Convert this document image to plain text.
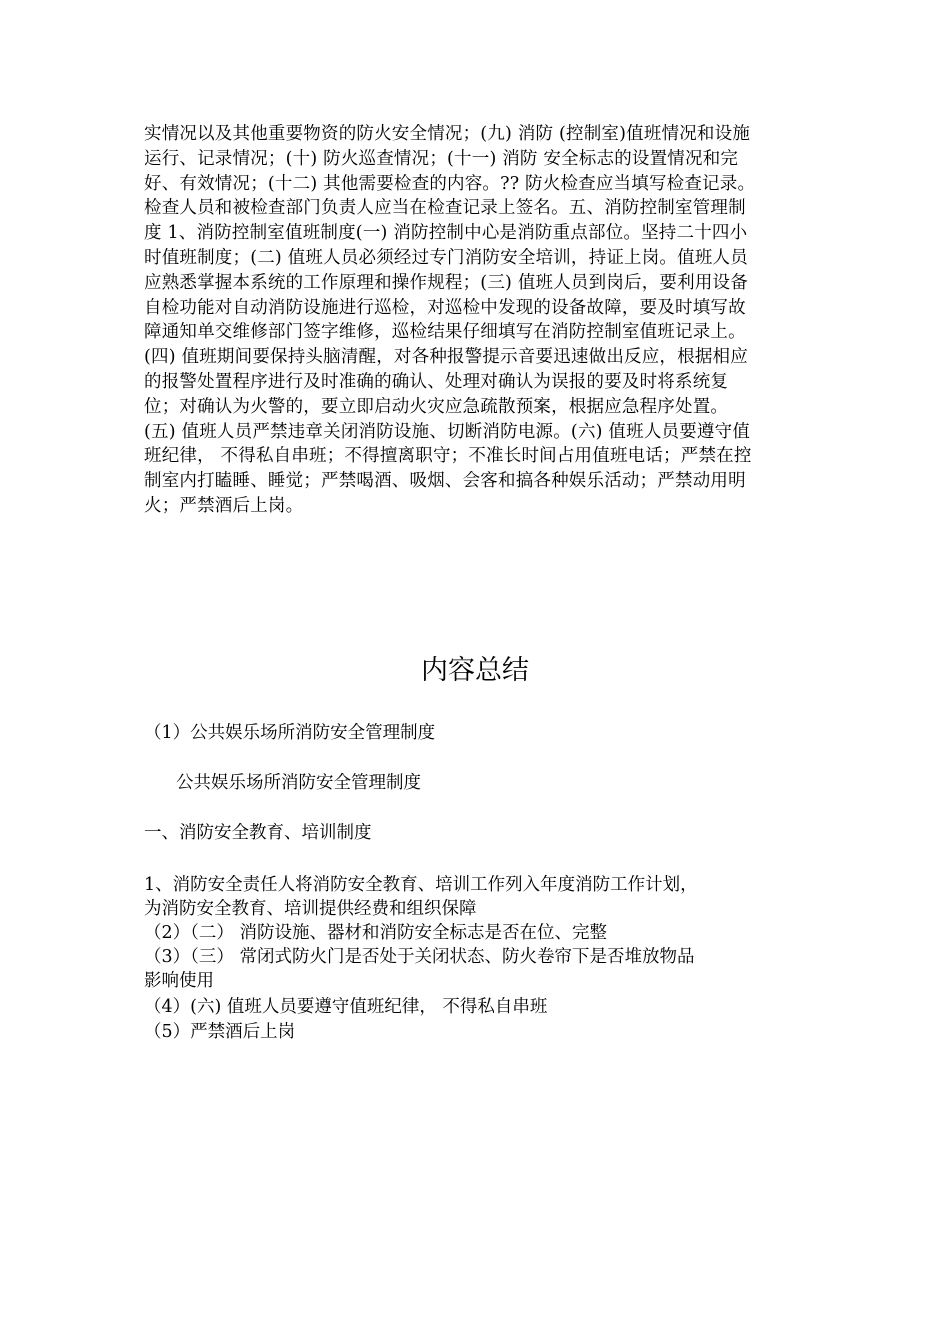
实情况以及其他重要物资的防火安全情况；(九) 消防 (控制室)值班情况和设施
运行、记录情况；(十) 防火巡查情况；(十一) 消防 安全标志的设置情况和完
好、有效情况；(十二) 其他需要检查的内容。?? 防火检查应当填写检查记录。
检查人员和被检查部门负责人应当在检查记录上签名。五、消防控制室管理制
度 1、消防控制室值班制度(一) 消防控制中心是消防重点部位。坚持二十四小
时值班制度；(二) 值班人员必须经过专门消防安全培训，持证上岗。值班人员
应熟悉掌握本系统的工作原理和操作规程；(三) 值班人员到岗后，要利用设备
自检功能对自动消防设施进行巡检，对巡检中发现的设备故障，要及时填写故
障通知单交维修部门签字维修，巡检结果仔细填写在消防控制室值班记录上。
(四) 值班期间要保持头脑清醒，对各种报警提示音要迅速做出反应，根据相应
的报警处置程序进行及时准确的确认、处理对确认为误报的要及时将系统复
位；对确认为火警的，要立即启动火灾应急疏散预案，根据应急程序处置。
(五) 值班人员严禁违章关闭消防设施、切断消防电源。(六) 值班人员要遵守值
班纪律， 不得私自串班；不得擅离职守；不准长时间占用值班电话；严禁在控
制室内打瞌睡、睡觉；严禁喝酒、吸烟、会客和搞各种娱乐活动；严禁动用明
火；严禁酒后上岗。
内容总结
（1）公共娱乐场所消防安全管理制度
公共娱乐场所消防安全管理制度
一、消防安全教育、培训制度
1、消防安全责任人将消防安全教育、培训工作列入年度消防工作计划，
为消防安全教育、培训提供经费和组织保障
（2）（二） 消防设施、器材和消防安全标志是否在位、完整
（3）（三） 常闭式防火门是否处于关闭状态、防火卷帘下是否堆放物品
影响使用
（4）(六) 值班人员要遵守值班纪律， 不得私自串班
（5）严禁酒后上岗
